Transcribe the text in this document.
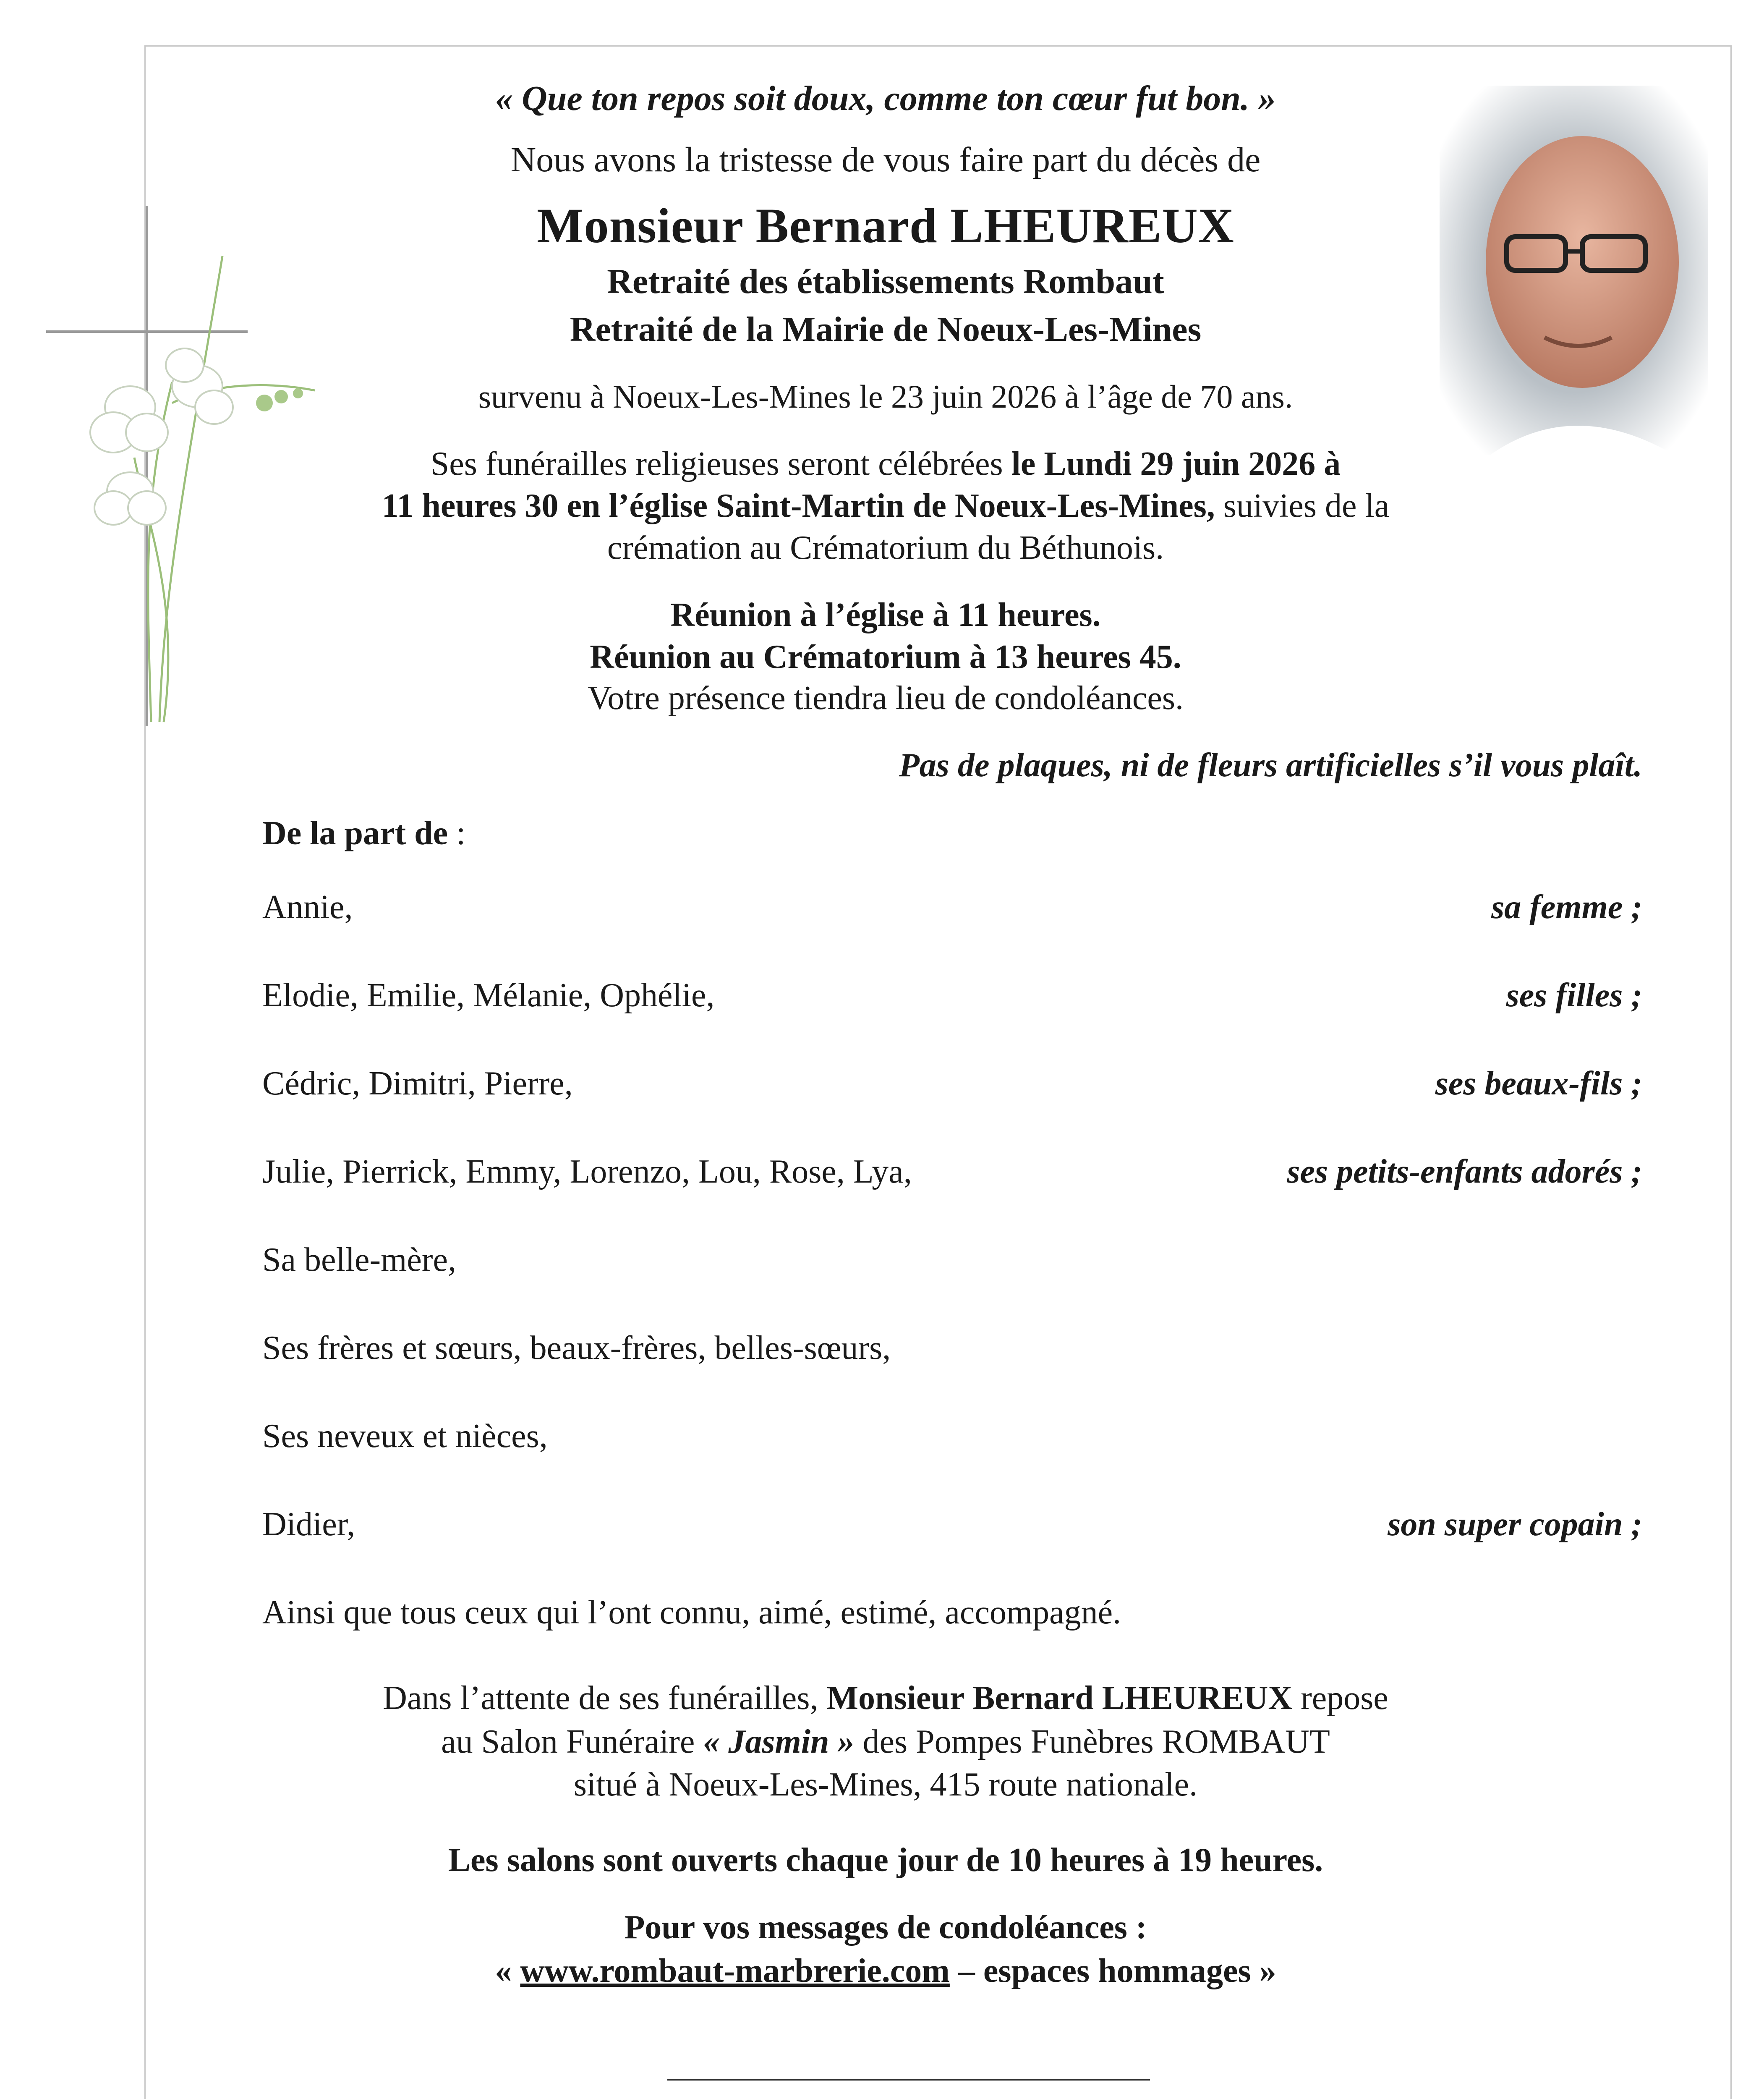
« Que ton repos soit doux, comme ton cœur fut bon. »
Nous avons la tristesse de vous faire part du décès de
Monsieur Bernard LHEUREUX
Retraité des établissements Rombaut
Retraité de la Mairie de Noeux-Les-Mines
survenu à Noeux-Les-Mines le 23 juin 2026 à l’âge de 70 ans.
Ses funérailles religieuses seront célébrées le Lundi 29 juin 2026 à
11 heures 30 en l’église Saint-Martin de Noeux-Les-Mines, suivies de la
crémation au Crématorium du Béthunois.
Réunion à l’église à 11 heures.
Réunion au Crématorium à 13 heures 45.
Votre présence tiendra lieu de condoléances.
Pas de plaques, ni de fleurs artificielles s’il vous plaît.
De la part de :
Annie,	sa femme ;
Elodie, Emilie, Mélanie, Ophélie,	ses filles ;
Cédric, Dimitri, Pierre,	ses beaux-fils ;
Julie, Pierrick, Emmy, Lorenzo, Lou, Rose, Lya,	ses petits-enfants adorés ;
Sa belle-mère,
Ses frères et sœurs, beaux-frères, belles-sœurs,
Ses neveux et nièces,
Didier,	son super copain ;
Ainsi que tous ceux qui l’ont connu, aimé, estimé, accompagné.
Dans l’attente de ses funérailles, Monsieur Bernard LHEUREUX repose
au Salon Funéraire « Jasmin » des Pompes Funèbres ROMBAUT
situé à Noeux-Les-Mines, 415 route nationale.
Les salons sont ouverts chaque jour de 10 heures à 19 heures.
Pour vos messages de condoléances :
« www.rombaut-marbrerie.com – espaces hommages »
